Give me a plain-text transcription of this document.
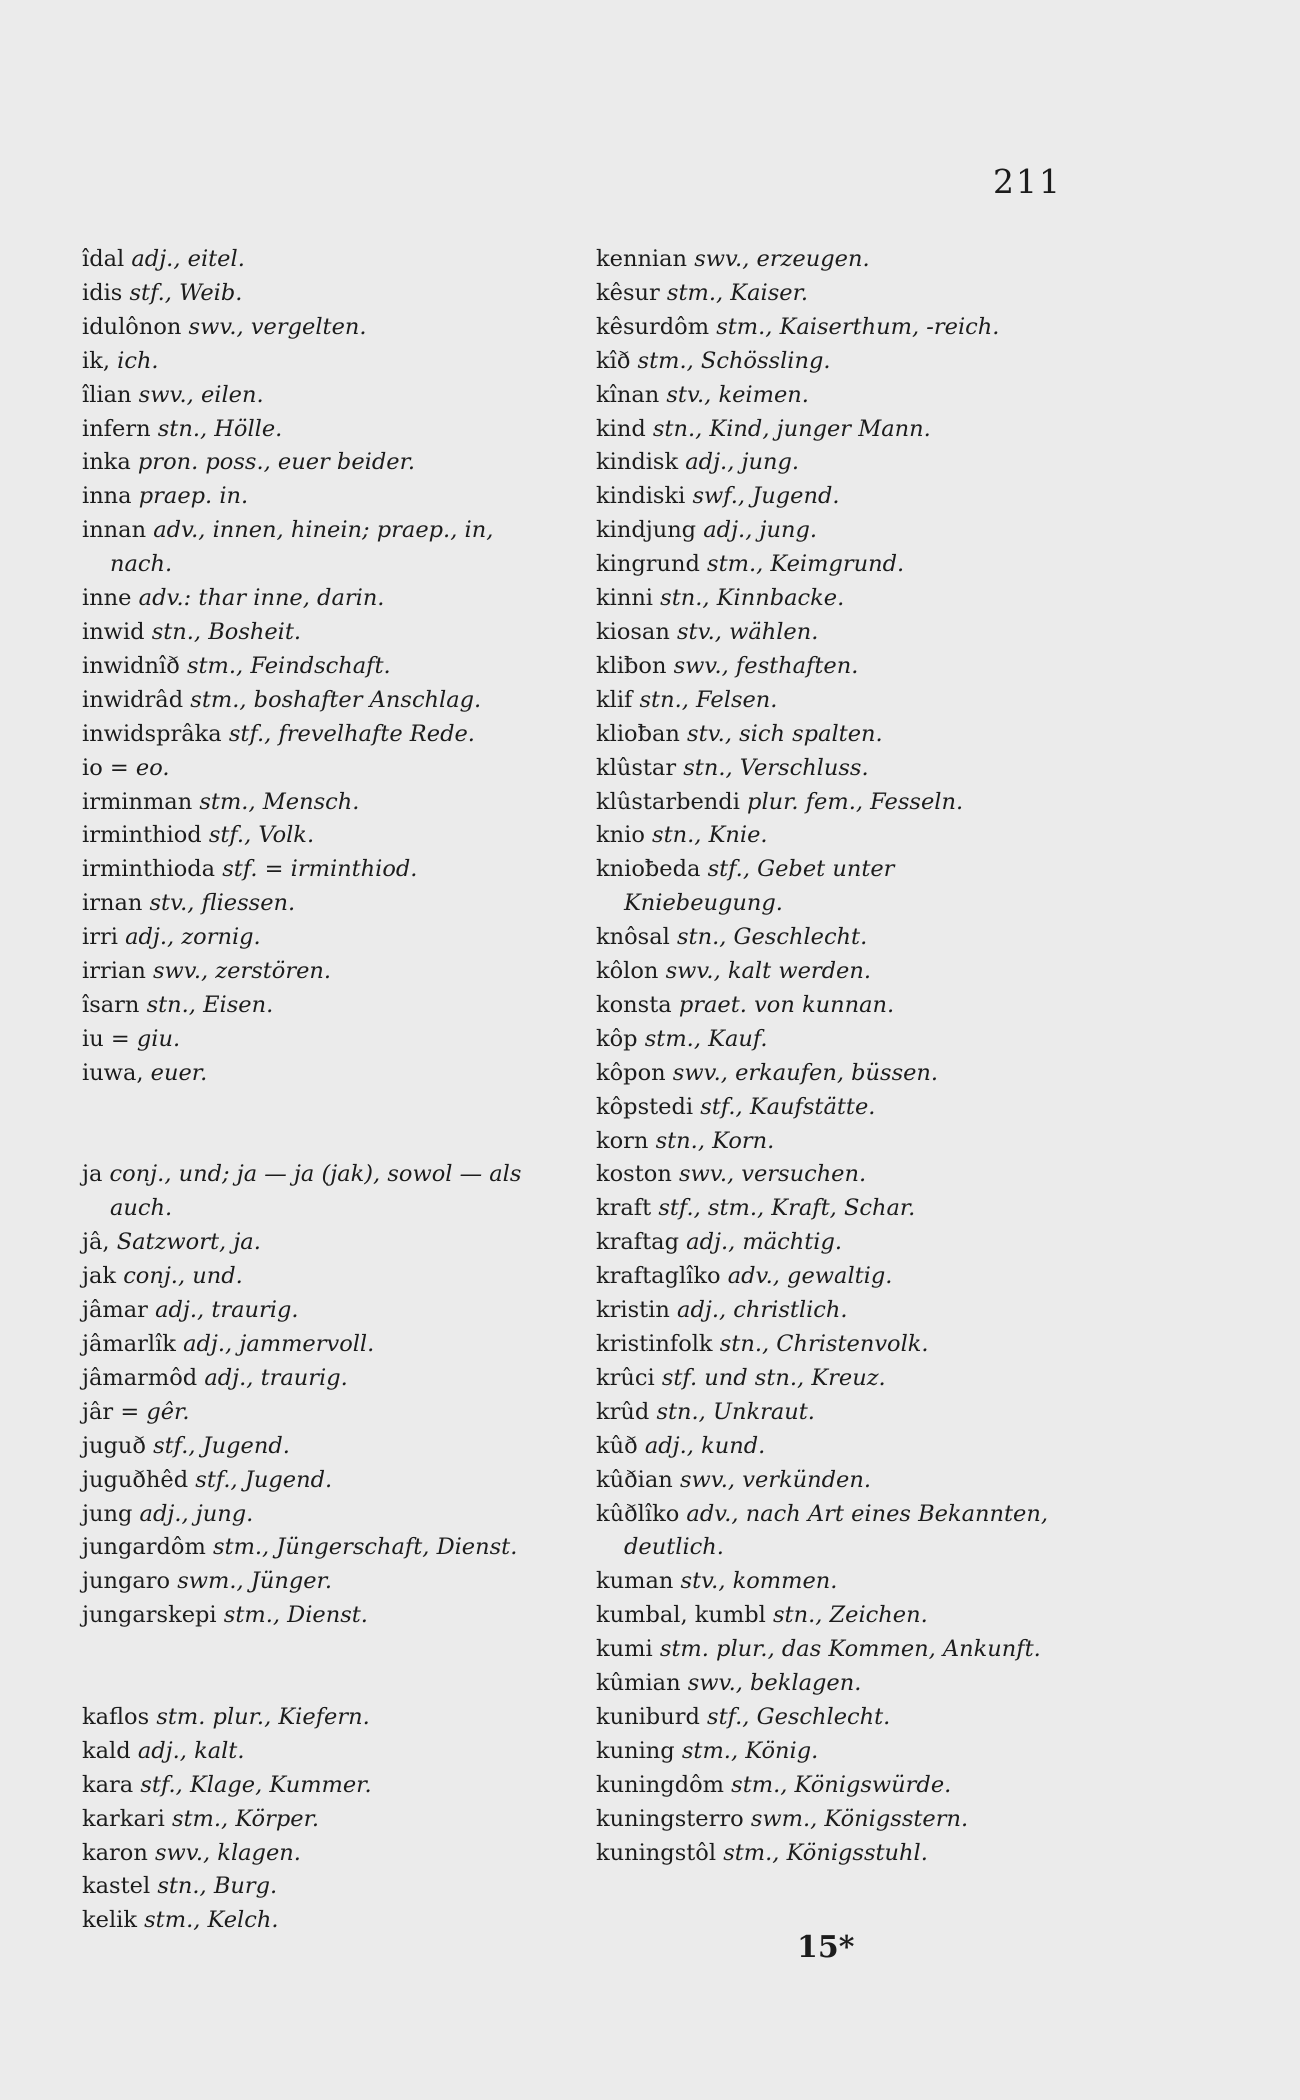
211
îdal adj., eitel.
idis stf., Weib.
idulônon swv., vergelten.
ik, ich.
îlian swv., eilen.
infern stn., Hölle.
inka pron. poss., euer beider.
inna praep. in.
innan adv., innen, hinein; praep., in, nach.
inne adv.: thar inne, darin.
inwid stn., Bosheit.
inwidnîð stm., Feindschaft.
inwidrâd stm., boshafter Anschlag.
inwidsprâka stf., frevelhafte Rede.
io = eo.
irminman stm., Mensch.
irminthiod stf., Volk.
irminthioda stf. = irminthiod.
irnan stv., fliessen.
irri adj., zornig.
irrian swv., zerstören.
îsarn stn., Eisen.
iu = giu.
iuwa, euer.
ja conj., und; ja — ja (jak), sowol — als auch.
jâ, Satzwort, ja.
jak conj., und.
jâmar adj., traurig.
jâmarlîk adj., jammervoll.
jâmarmôd adj., traurig.
jâr = gêr.
juguð stf., Jugend.
juguðhêd stf., Jugend.
jung adj., jung.
jungardôm stm., Jüngerschaft, Dienst.
jungaro swm., Jünger.
jungarskepi stm., Dienst.
kaflos stm. plur., Kiefern.
kald adj., kalt.
kara stf., Klage, Kummer.
karkari stm., Körper.
karon swv., klagen.
kastel stn., Burg.
kelik stm., Kelch.
kennian swv., erzeugen.
kêsur stm., Kaiser.
kêsurdôm stm., Kaiserthum, -reich.
kîð stm., Schössling.
kînan stv., keimen.
kind stn., Kind, junger Mann.
kindisk adj., jung.
kindiski swf., Jugend.
kindjung adj., jung.
kingrund stm., Keimgrund.
kinni stn., Kinnbacke.
kiosan stv., wählen.
kliƀon swv., festhaften.
klif stn., Felsen.
klioƀan stv., sich spalten.
klûstar stn., Verschluss.
klûstarbendi plur. fem., Fesseln.
knio stn., Knie.
knioƀeda stf., Gebet unter Kniebeugung.
knôsal stn., Geschlecht.
kôlon swv., kalt werden.
konsta praet. von kunnan.
kôp stm., Kauf.
kôpon swv., erkaufen, büssen.
kôpstedi stf., Kaufstätte.
korn stn., Korn.
koston swv., versuchen.
kraft stf., stm., Kraft, Schar.
kraftag adj., mächtig.
kraftaglîko adv., gewaltig.
kristin adj., christlich.
kristinfolk stn., Christenvolk.
krûci stf. und stn., Kreuz.
krûd stn., Unkraut.
kûð adj., kund.
kûðian swv., verkünden.
kûðlîko adv., nach Art eines Bekannten, deutlich.
kuman stv., kommen.
kumbal, kumbl stn., Zeichen.
kumi stm. plur., das Kommen, Ankunft.
kûmian swv., beklagen.
kuniburd stf., Geschlecht.
kuning stm., König.
kuningdôm stm., Königswürde.
kuningsterro swm., Königsstern.
kuningstôl stm., Königsstuhl.
15*
